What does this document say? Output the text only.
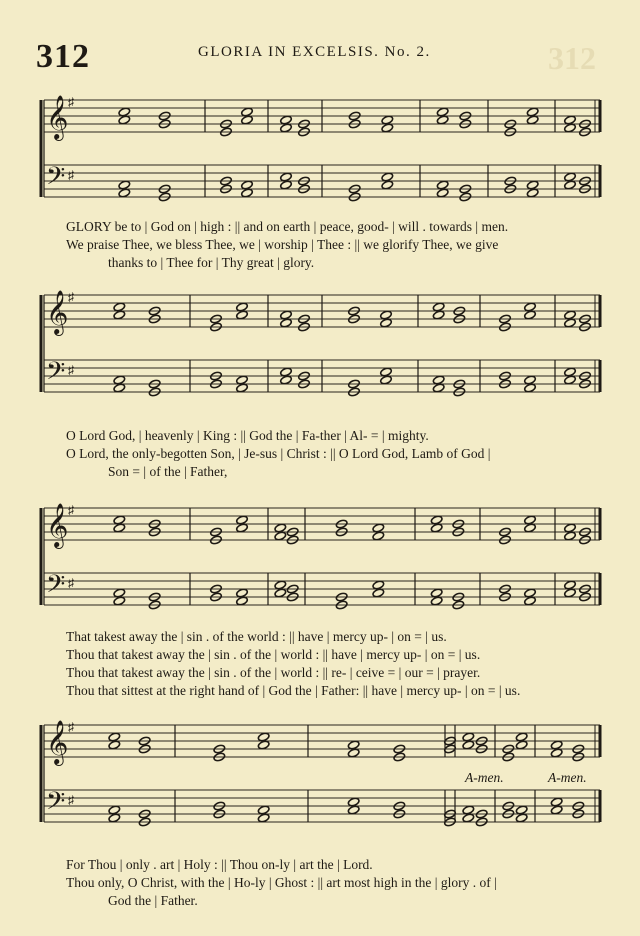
312	GLORIA IN EXCELSIS. No. 2.	312
𝄞 ♯
𝄢 ♯
GLORY be to | God on | high : || and on earth | peace, good- | will . towards | men.
We praise Thee, we bless Thee, we | worship | Thee : || we glorify Thee, we give
thanks to | Thee for | Thy great | glory.
𝄞 ♯
𝄢 ♯
O Lord God, | heavenly | King : || God the | Fa-ther | Al- = | mighty.
O Lord, the only-begotten Son, | Je-sus | Christ : || O Lord God, Lamb of God |
Son = | of the | Father,
𝄞 ♯
𝄢 ♯
That takest away the | sin . of the world : || have | mercy up- | on = | us.
Thou that takest away the | sin . of the | world : || have | mercy up- | on = | us.
Thou that takest away the | sin . of the | world : || re- | ceive = | our = | prayer.
Thou that sittest at the right hand of | God the | Father: || have | mercy up- | on = | us.
𝄞 ♯
𝄢 ♯
A-men.	A-men.
For Thou | only . art | Holy : || Thou on-ly | art the | Lord.
Thou only, O Christ, with the | Ho-ly | Ghost : || art most high in the | glory . of |
God the | Father.
